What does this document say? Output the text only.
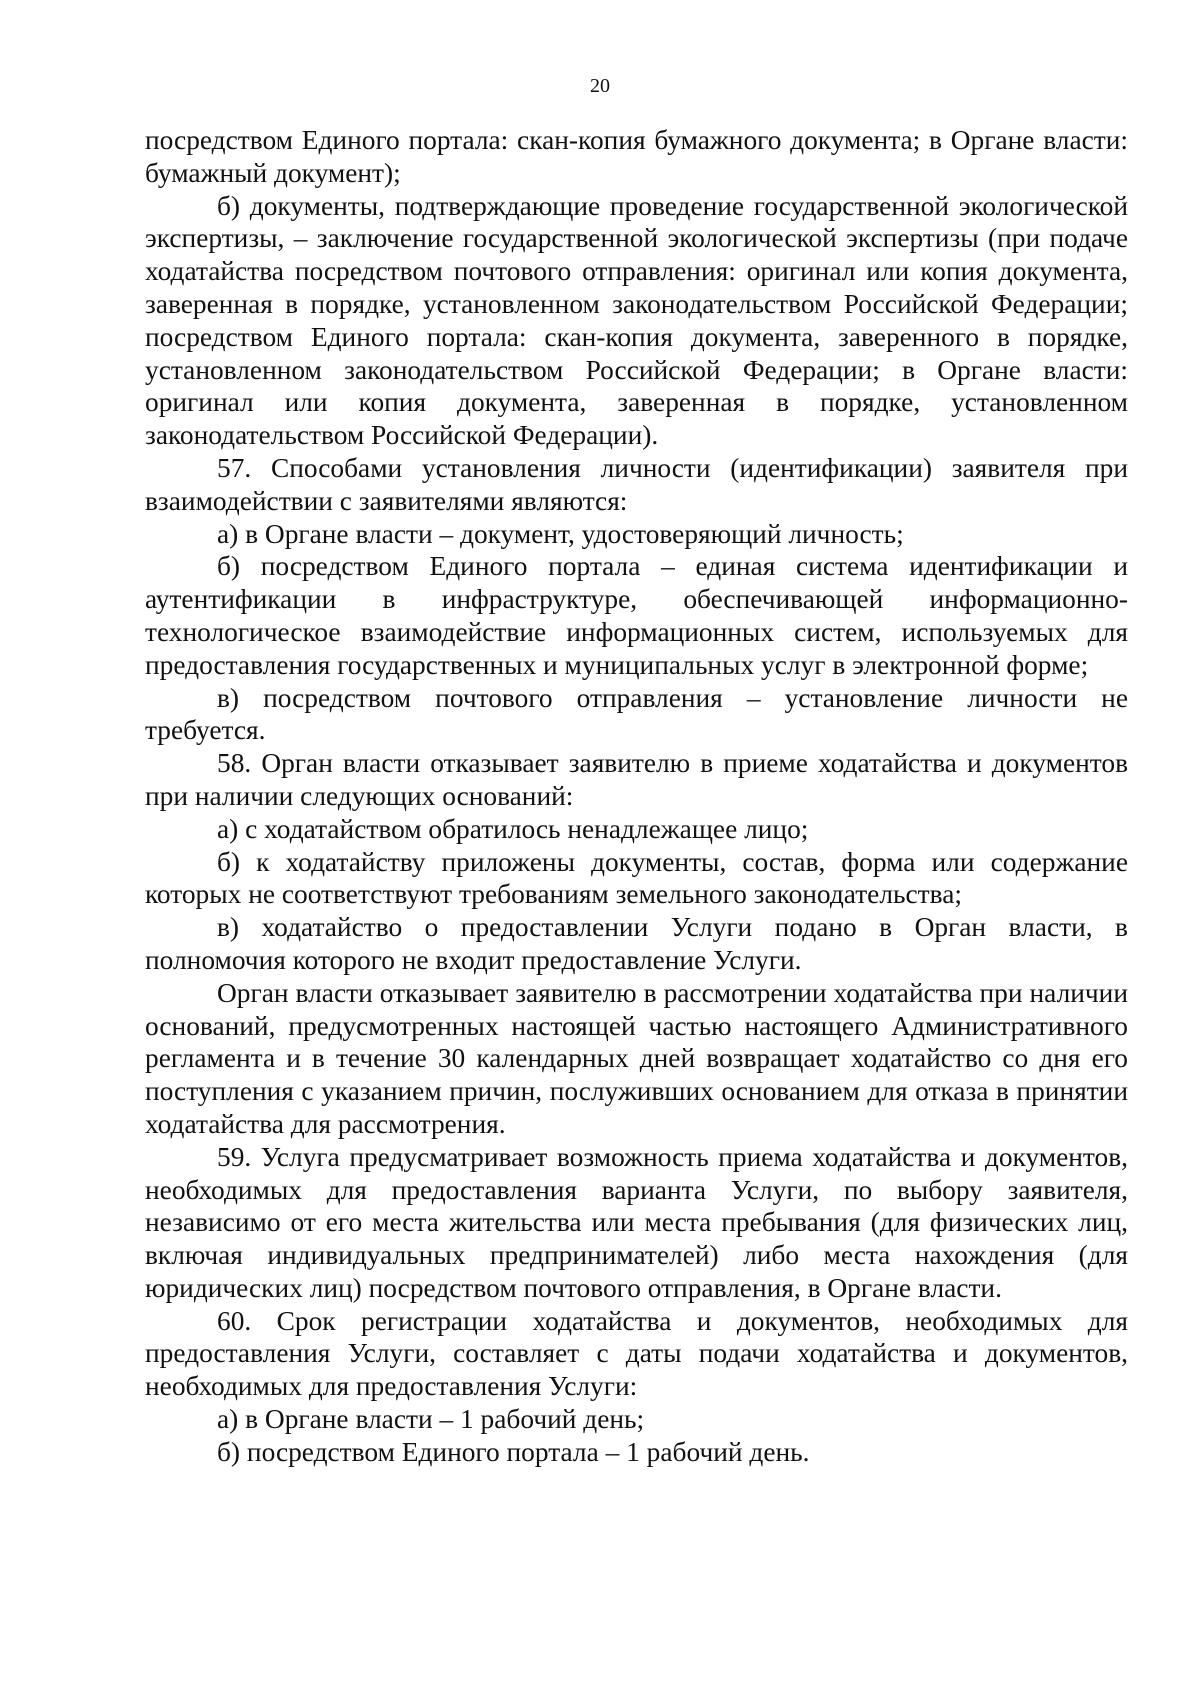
20

посредством Единого портала: скан-копия бумажного документа; в Органе власти: бумажный документ);

б) документы, подтверждающие проведение государственной экологической экспертизы, – заключение государственной экологической экспертизы (при подаче ходатайства посредством почтового отправления: оригинал или копия документа, заверенная в порядке, установленном законодательством Российской Федерации; посредством Единого портала: скан-копия документа, заверенного в порядке, установленном законодательством Российской Федерации; в Органе власти: оригинал или копия документа, заверенная в порядке, установленном законодательством Российской Федерации).

57. Способами установления личности (идентификации) заявителя при взаимодействии с заявителями являются:

а) в Органе власти – документ, удостоверяющий личность;

б) посредством Единого портала – единая система идентификации и аутентификации в инфраструктуре, обеспечивающей информационно-технологическое взаимодействие информационных систем, используемых для предоставления государственных и муниципальных услуг в электронной форме;

в) посредством почтового отправления – установление личности не требуется.

58. Орган власти отказывает заявителю в приеме ходатайства и документов при наличии следующих оснований:

а) с ходатайством обратилось ненадлежащее лицо;

б) к ходатайству приложены документы, состав, форма или содержание которых не соответствуют требованиям земельного законодательства;

в) ходатайство о предоставлении Услуги подано в Орган власти, в полномочия которого не входит предоставление Услуги.

Орган власти отказывает заявителю в рассмотрении ходатайства при наличии оснований, предусмотренных настоящей частью настоящего Административного регламента и в течение 30 календарных дней возвращает ходатайство со дня его поступления с указанием причин, послуживших основанием для отказа в принятии ходатайства для рассмотрения.

59. Услуга предусматривает возможность приема ходатайства и документов, необходимых для предоставления варианта Услуги, по выбору заявителя, независимо от его места жительства или места пребывания (для физических лиц, включая индивидуальных предпринимателей) либо места нахождения (для юридических лиц) посредством почтового отправления, в Органе власти.

60. Срок регистрации ходатайства и документов, необходимых для предоставления Услуги, составляет с даты подачи ходатайства и документов, необходимых для предоставления Услуги:

а) в Органе власти – 1 рабочий день;

б) посредством Единого портала – 1 рабочий день.
